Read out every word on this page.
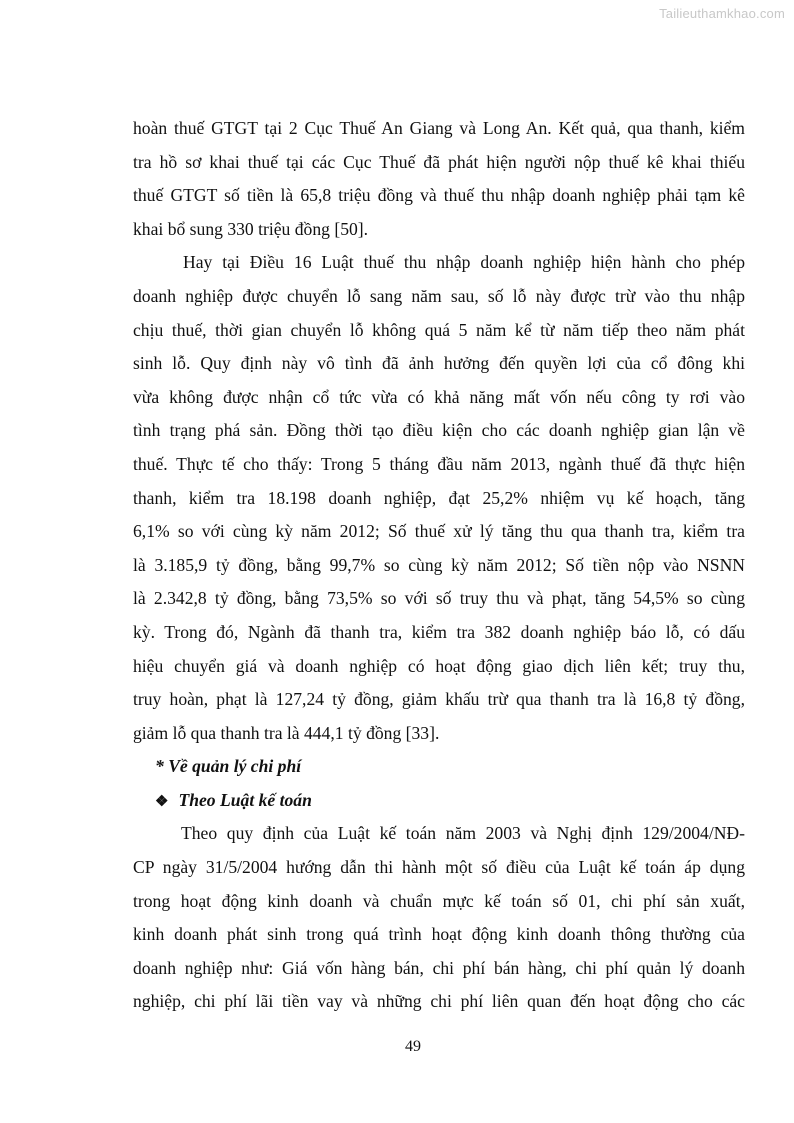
Tailieuthamkhao.com
hoàn thuế GTGT tại 2 Cục Thuế An Giang và Long An. Kết quả, qua thanh, kiểm
tra hồ sơ khai thuế tại các Cục Thuế đã phát hiện người nộp thuế kê khai thiếu
thuế GTGT số tiền là 65,8 triệu đồng và thuế thu nhập doanh nghiệp phải tạm kê
khai bổ sung 330 triệu đồng [50].
Hay tại Điều 16 Luật thuế thu nhập doanh nghiệp hiện hành cho phép
doanh nghiệp được chuyển lỗ sang năm sau, số lỗ này được trừ vào thu nhập
chịu thuế, thời gian chuyển lỗ không quá 5 năm kể từ năm tiếp theo năm phát
sinh lỗ. Quy định này vô tình đã ảnh hưởng đến quyền lợi của cổ đông khi
vừa không được nhận cổ tức vừa có khả năng mất vốn nếu công ty rơi vào
tình trạng phá sản. Đồng thời tạo điều kiện cho các doanh nghiệp gian lận về
thuế. Thực tế cho thấy: Trong 5 tháng đầu năm 2013, ngành thuế đã thực hiện
thanh, kiểm tra 18.198 doanh nghiệp, đạt 25,2% nhiệm vụ kế hoạch, tăng
6,1% so với cùng kỳ năm 2012; Số thuế xử lý tăng thu qua thanh tra, kiểm tra
là 3.185,9 tỷ đồng, bằng 99,7% so cùng kỳ năm 2012; Số tiền nộp vào NSNN
là 2.342,8 tỷ đồng, bằng 73,5% so với số truy thu và phạt, tăng 54,5% so cùng
kỳ. Trong đó, Ngành đã thanh tra, kiểm tra 382 doanh nghiệp báo lỗ, có dấu
hiệu chuyển giá và doanh nghiệp có hoạt động giao dịch liên kết; truy thu,
truy hoàn, phạt là 127,24 tỷ đồng, giảm khấu trừ qua thanh tra là 16,8 tỷ đồng,
giảm lỗ qua thanh tra là 444,1 tỷ đồng [33].
* Về quản lý chi phí
❖ Theo Luật kế toán
Theo quy định của Luật kế toán năm 2003 và Nghị định 129/2004/NĐ-
CP ngày 31/5/2004 hướng dẫn thi hành một số điều của Luật kế toán áp dụng
trong hoạt động kinh doanh và chuẩn mực kế toán số 01, chi phí sản xuất,
kinh doanh phát sinh trong quá trình hoạt động kinh doanh thông thường của
doanh nghiệp như: Giá vốn hàng bán, chi phí bán hàng, chi phí quản lý doanh
nghiệp, chi phí lãi tiền vay và những chi phí liên quan đến hoạt động cho các
49
